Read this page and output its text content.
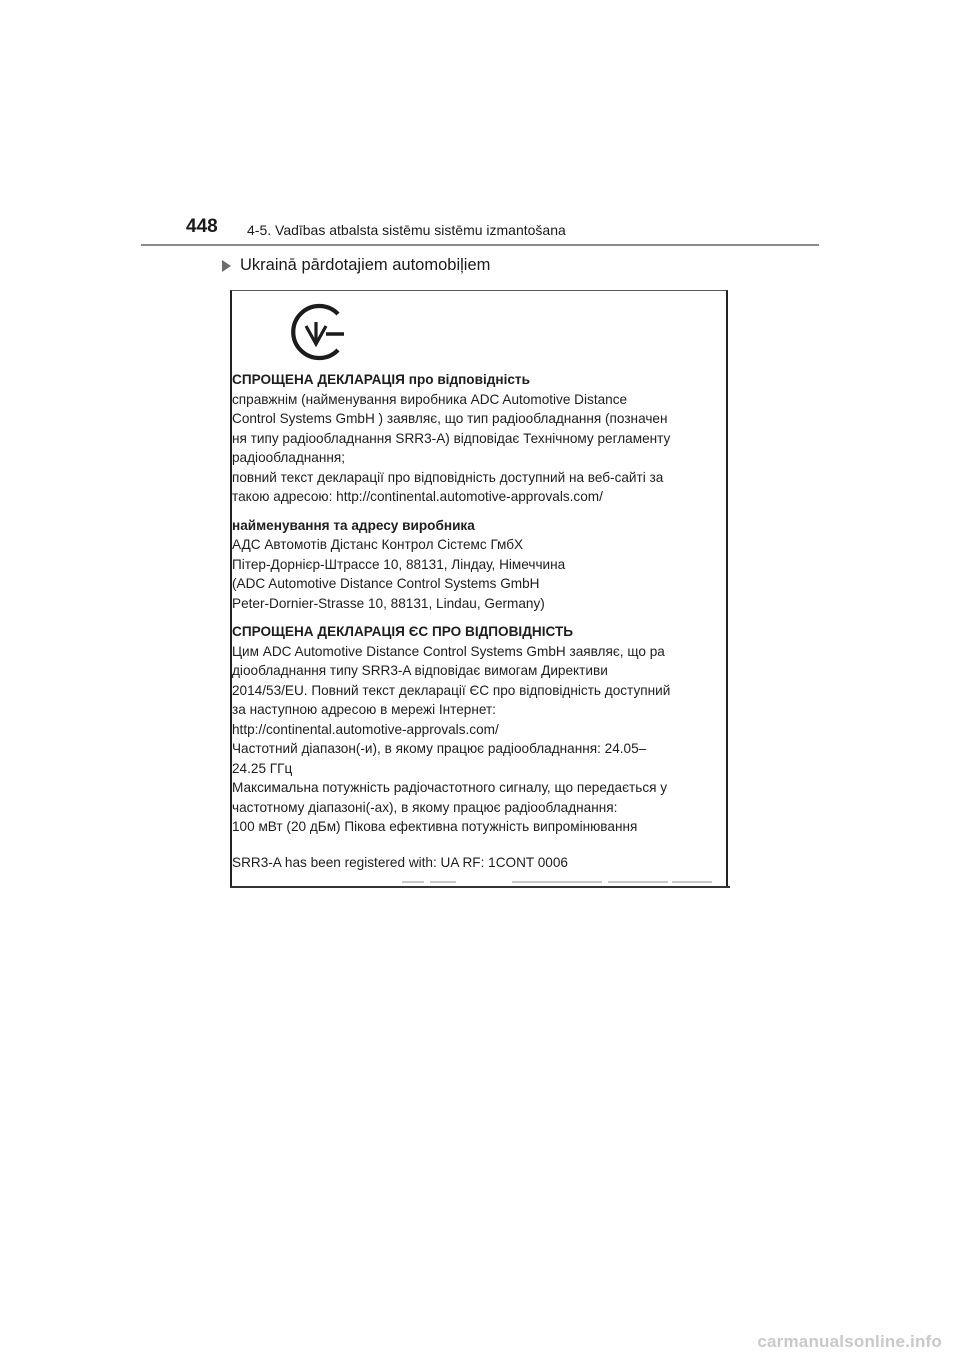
448 4-5. Vadības atbalsta sistēmu sistēmu izmantošana
Ukrainā pārdotajiem automobiļiem
СПРОЩЕНА ДЕКЛАРАЦІЯ про відповідність
справжнім (найменування виробника ADC Automotive Distance
Control Systems GmbH ) заявляє, що тип радіообладнання (позначен
ня типу радіообладнання SRR3-A) відповідає Технічному регламенту
радіообладнання;
повний текст декларації про відповідність доступний на веб-сайті за
такою адресою: http://continental.automotive-approvals.com/
найменування та адресу виробника
АДС Автомотів Дістанс Контрол Сістемс ГмбХ
Пітер-Дорнієр-Штрассе 10, 88131, Ліндау, Німеччина
(ADC Automotive Distance Control Systems GmbH
Peter-Dornier-Strasse 10, 88131, Lindau, Germany)
СПРОЩЕНА ДЕКЛАРАЦІЯ ЄС ПРО ВІДПОВІДНІСТЬ
Цим ADC Automotive Distance Control Systems GmbH заявляє, що ра
діообладнання типу SRR3-A відповідає вимогам Директиви
2014/53/EU. Повний текст декларації ЄС про відповідність доступний
за наступною адресою в мережі Інтернет:
http://continental.automotive-approvals.com/
Частотний діапазон(-и), в якому працює радіообладнання: 24.05–
24.25 ГГц
Максимальна потужність радіочастотного сигналу, що передається у
частотному діапазоні(-ах), в якому працює радіообладнання:
100 мВт (20 дБм) Пікова ефективна потужність випромінювання
SRR3-A has been registered with: UA RF: 1CONT 0006
carmanualsonline.info
